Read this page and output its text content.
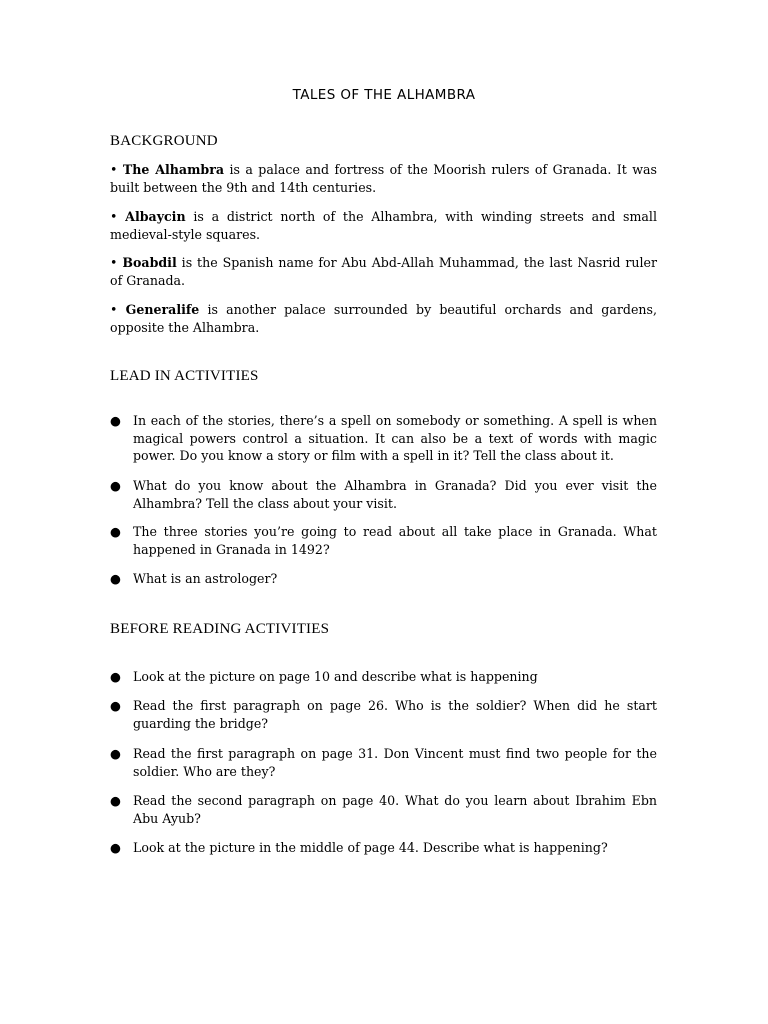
TALES OF THE ALHAMBRA
BACKGROUND
• The Alhambra is a palace and fortress of the Moorish rulers of Granada. It was built between the 9th and 14th centuries.
• Albaycin is a district north of the Alhambra, with winding streets and small medieval-style squares.
• Boabdil is the Spanish name for Abu Abd-Allah Muhammad, the last Nasrid ruler of Granada.
• Generalife is another palace surrounded by beautiful orchards and gardens, opposite the Alhambra.
LEAD IN ACTIVITIES
● In each of the stories, there’s a spell on somebody or something. A spell is when magical powers control a situation. It can also be a text of words with magic power. Do you know a story or film with a spell in it? Tell the class about it.
● What do you know about the Alhambra in Granada? Did you ever visit the Alhambra? Tell the class about your visit.
● The three stories you’re going to read about all take place in Granada. What happened in Granada in 1492?
● What is an astrologer?
BEFORE READING ACTIVITIES
● Look at the picture on page 10 and describe what is happening
● Read the first paragraph on page 26. Who is the soldier? When did he start guarding the bridge?
● Read the first paragraph on page 31. Don Vincent must find two people for the soldier. Who are they?
● Read the second paragraph on page 40. What do you learn about Ibrahim Ebn Abu Ayub?
● Look at the picture in the middle of page 44. Describe what is happening?
